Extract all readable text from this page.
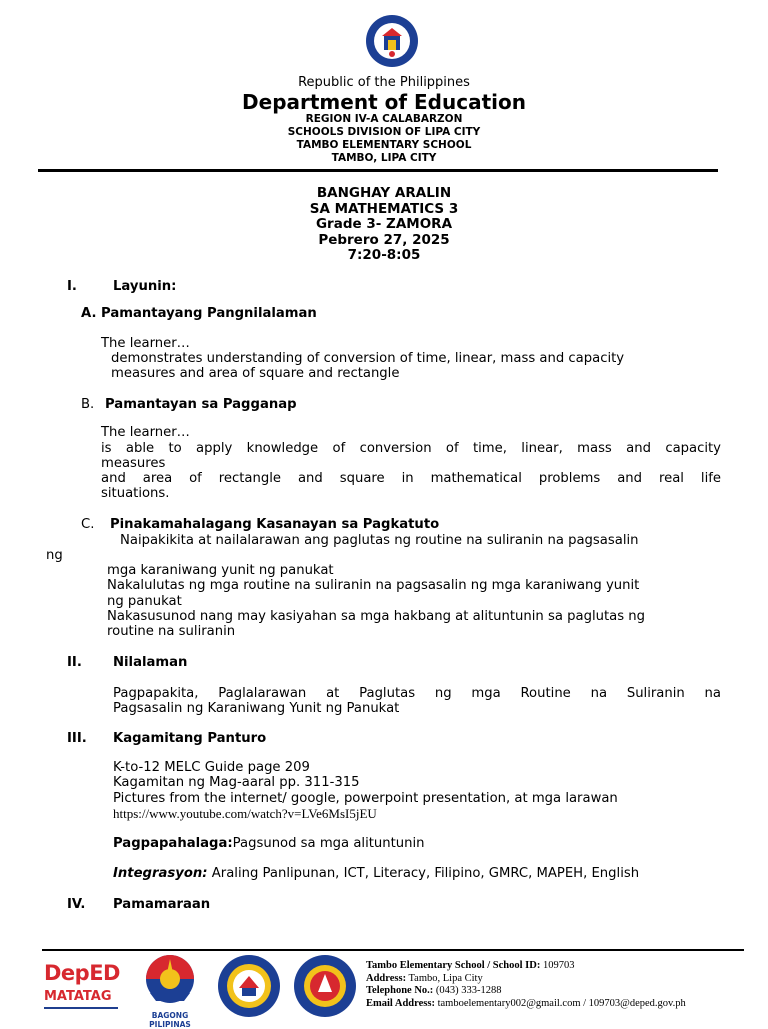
Republic of the Philippines
Department of Education
REGION IV-A CALABARZON
SCHOOLS DIVISION OF LIPA CITY
TAMBO ELEMENTARY SCHOOL
TAMBO, LIPA CITY
BANGHAY ARALIN
SA MATHEMATICS 3
Grade 3- ZAMORA
Pebrero 27, 2025
7:20-8:05
I.	Layunin:
A. Pamantayang Pangnilalaman
The learner…
demonstrates understanding of conversion of time, linear, mass and capacity
measures and area of square and rectangle
B. Pamantayan sa Pagganap
The learner…
is able to apply knowledge of conversion of time, linear, mass and capacity
measures
and area of rectangle and square in mathematical problems and real life
situations.
C. Pinakamahalagang Kasanayan sa Pagkatuto
Naipakikita at nailalarawan ang paglutas ng routine na suliranin na pagsasalin
ng
mga karaniwang yunit ng panukat
Nakalulutas ng mga routine na suliranin na pagsasalin ng mga karaniwang yunit
ng panukat
Nakasusunod nang may kasiyahan sa mga hakbang at alituntunin sa paglutas ng
routine na suliranin
II. Nilalaman
Pagpapakita, Paglalarawan at Paglutas ng mga Routine na Suliranin na
Pagsasalin ng Karaniwang Yunit ng Panukat
III. Kagamitang Panturo
K-to-12 MELC Guide page 209
Kagamitan ng Mag-aaral pp. 311-315
Pictures from the internet/ google, powerpoint presentation, at mga larawan
https://www.youtube.com/watch?v=LVe6MsI5jEU
Pagpapahalaga:Pagsunod sa mga alituntunin
Integrasyon: Araling Panlipunan, ICT, Literacy, Filipino, GMRC, MAPEH, English
IV. Pamamaraan
DepED
MATATAG
BAGONG PILIPINAS
Tambo Elementary School / School ID: 109703
Address: Tambo, Lipa City
Telephone No.: (043) 333-1288
Email Address: tamboelementary002@gmail.com / 109703@deped.gov.ph
